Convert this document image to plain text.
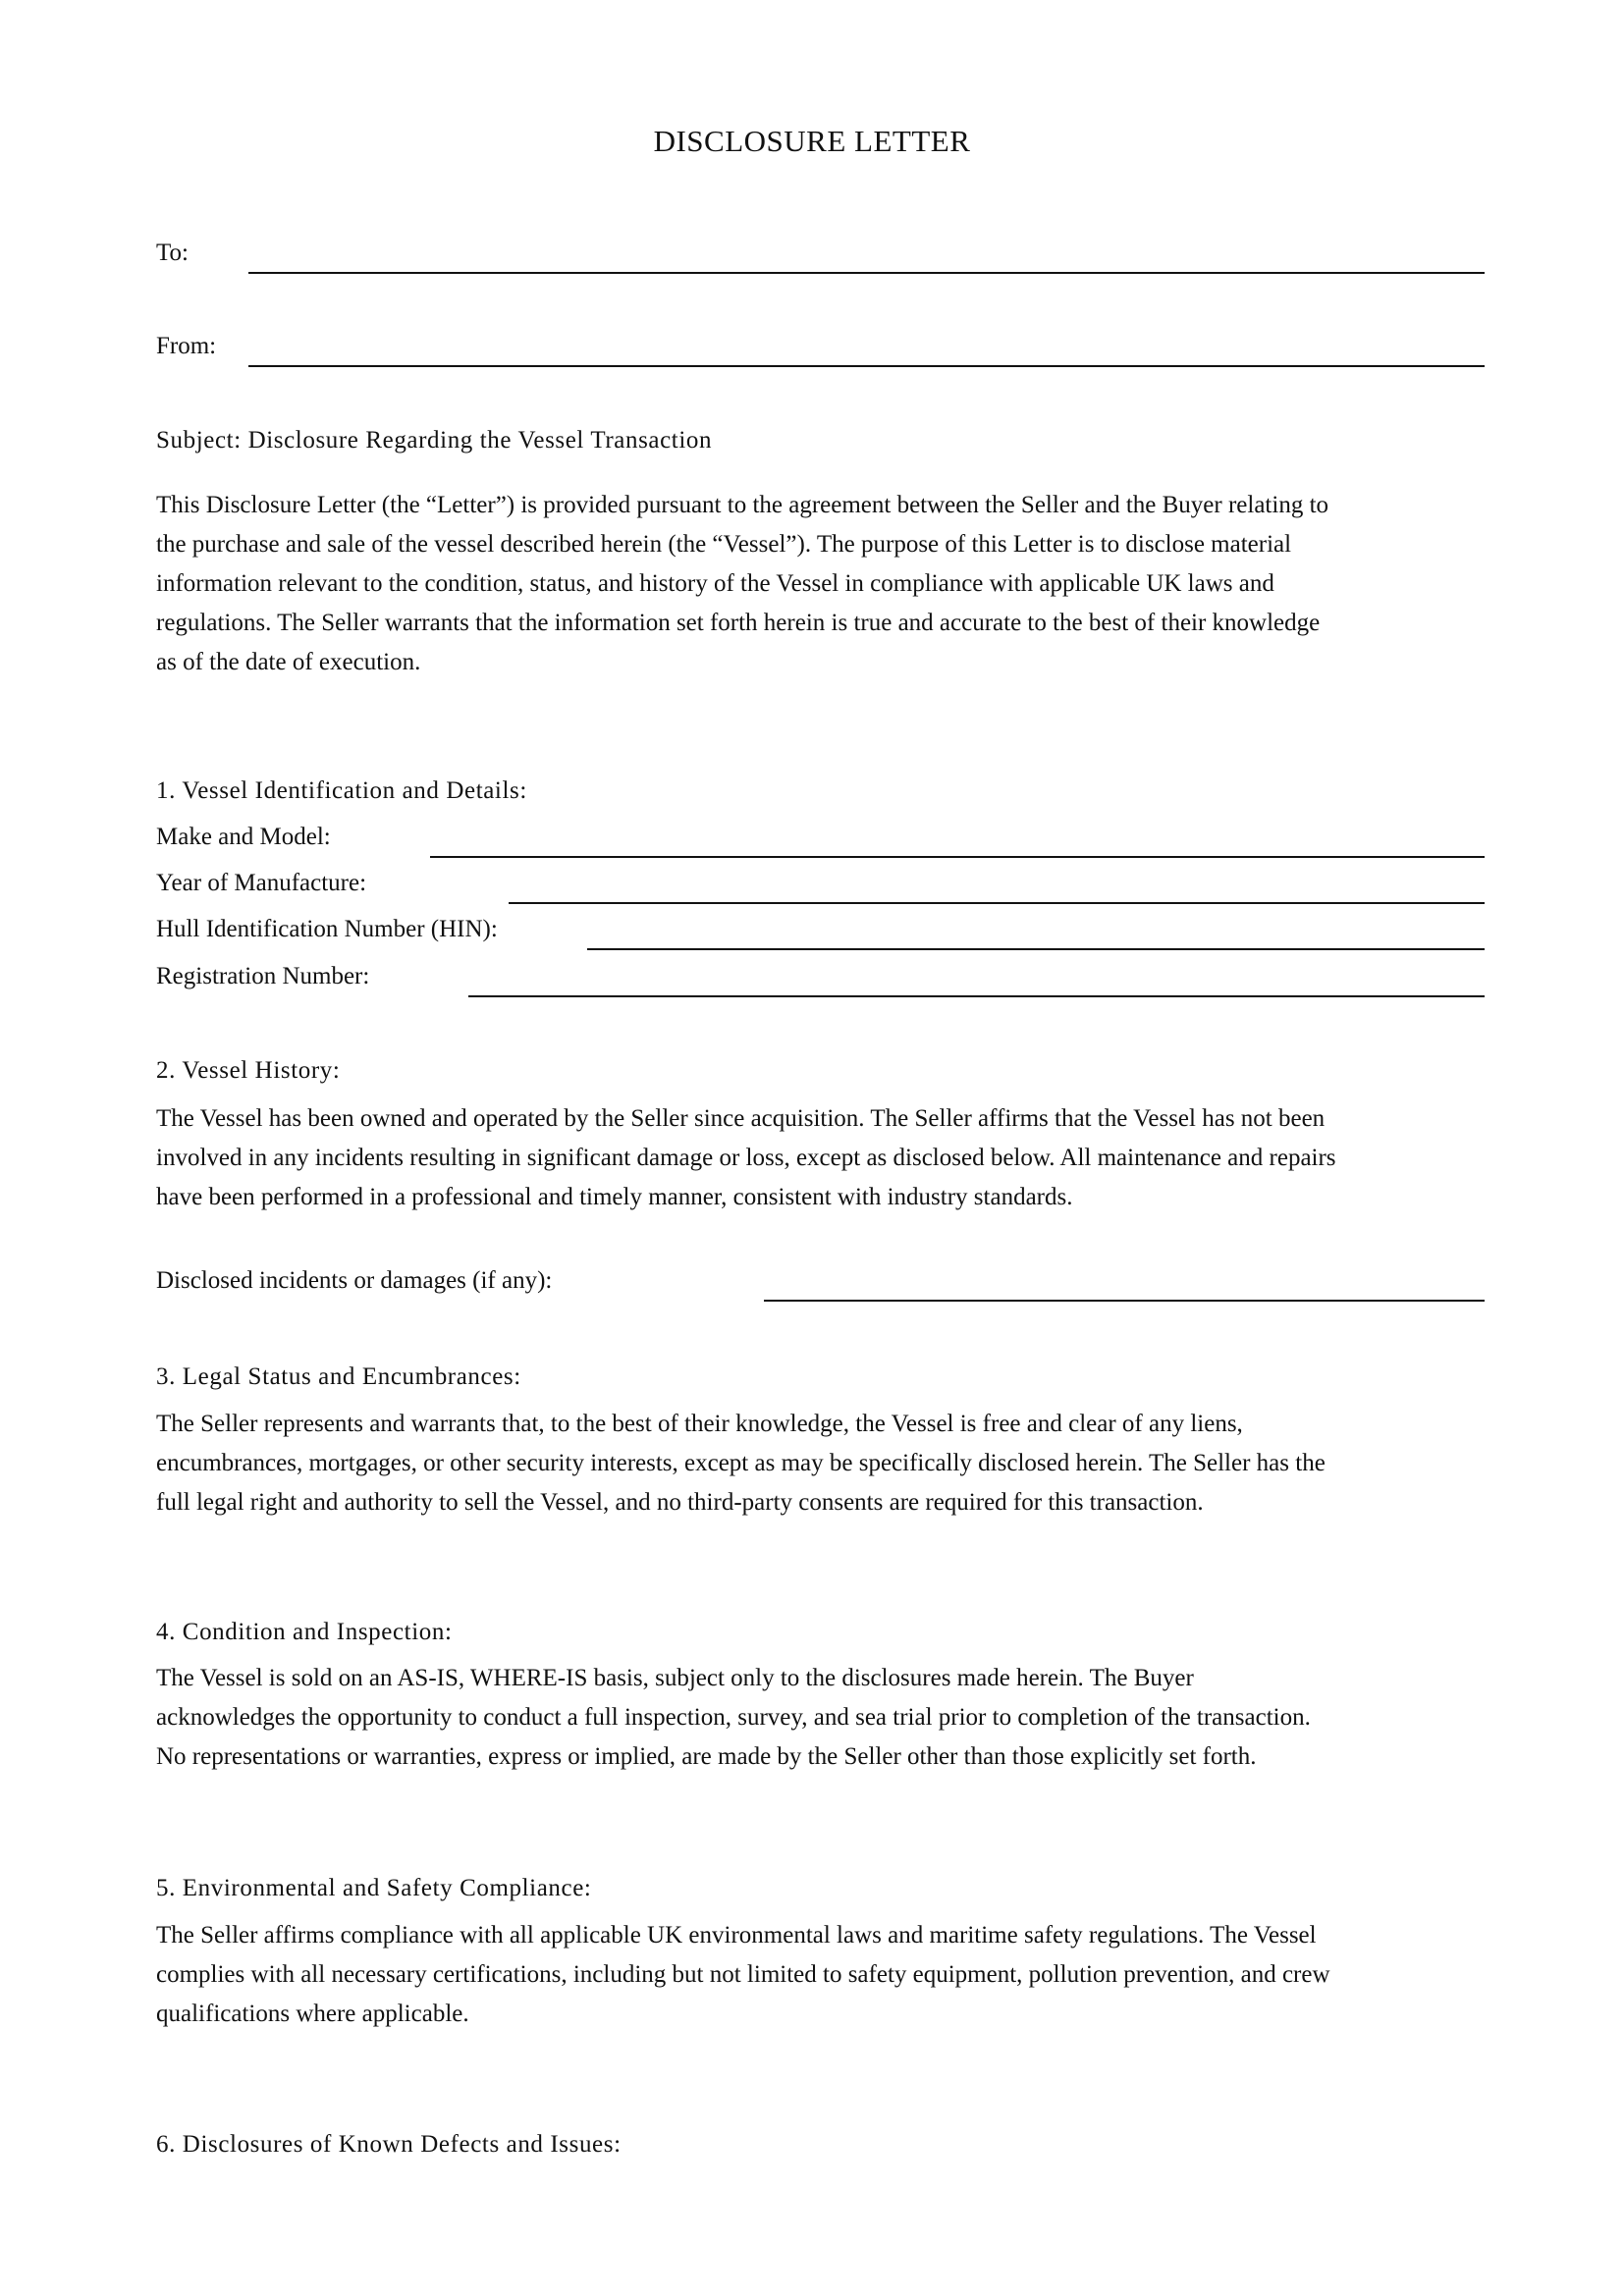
DISCLOSURE LETTER
To:
From:
Subject: Disclosure Regarding the Vessel Transaction
This Disclosure Letter (the “Letter”) is provided pursuant to the agreement between the Seller and the Buyer relating to
the purchase and sale of the vessel described herein (the “Vessel”). The purpose of this Letter is to disclose material
information relevant to the condition, status, and history of the Vessel in compliance with applicable UK laws and
regulations. The Seller warrants that the information set forth herein is true and accurate to the best of their knowledge
as of the date of execution.
1. Vessel Identification and Details:
Make and Model:
Year of Manufacture:
Hull Identification Number (HIN):
Registration Number:
2. Vessel History:
The Vessel has been owned and operated by the Seller since acquisition. The Seller affirms that the Vessel has not been
involved in any incidents resulting in significant damage or loss, except as disclosed below. All maintenance and repairs
have been performed in a professional and timely manner, consistent with industry standards.
Disclosed incidents or damages (if any):
3. Legal Status and Encumbrances:
The Seller represents and warrants that, to the best of their knowledge, the Vessel is free and clear of any liens,
encumbrances, mortgages, or other security interests, except as may be specifically disclosed herein. The Seller has the
full legal right and authority to sell the Vessel, and no third-party consents are required for this transaction.
4. Condition and Inspection:
The Vessel is sold on an AS-IS, WHERE-IS basis, subject only to the disclosures made herein. The Buyer
acknowledges the opportunity to conduct a full inspection, survey, and sea trial prior to completion of the transaction.
No representations or warranties, express or implied, are made by the Seller other than those explicitly set forth.
5. Environmental and Safety Compliance:
The Seller affirms compliance with all applicable UK environmental laws and maritime safety regulations. The Vessel
complies with all necessary certifications, including but not limited to safety equipment, pollution prevention, and crew
qualifications where applicable.
6. Disclosures of Known Defects and Issues:
